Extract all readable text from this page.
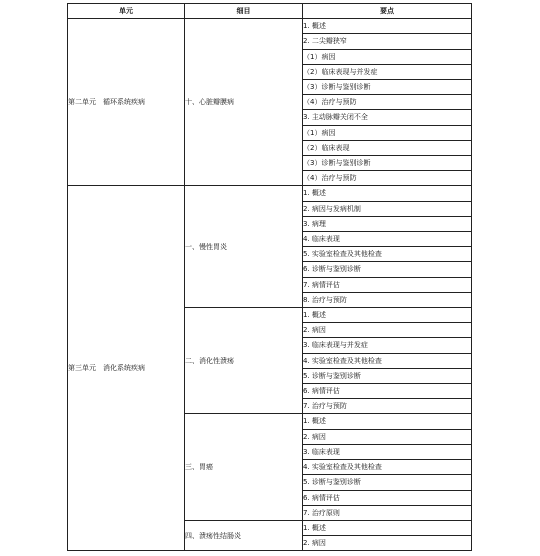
单元	细目	要点
第二单元　循环系统疾病	十、心脏瓣膜病	1. 概述
		2. 二尖瓣狭窄
		（1）病因
		（2）临床表现与并发症
		（3）诊断与鉴别诊断
		（4）治疗与预防
		3. 主动脉瓣关闭不全
		（1）病因
		（2）临床表现
		（3）诊断与鉴别诊断
		（4）治疗与预防
第三单元　消化系统疾病	一、慢性胃炎	1. 概述
		2. 病因与发病机制
		3. 病理
		4. 临床表现
		5. 实验室检查及其他检查
		6. 诊断与鉴别诊断
		7. 病情评估
		8. 治疗与预防
	二、消化性溃疡	1. 概述
		2. 病因
		3. 临床表现与并发症
		4. 实验室检查及其他检查
		5. 诊断与鉴别诊断
		6. 病情评估
		7. 治疗与预防
	三、胃癌	1. 概述
		2. 病因
		3. 临床表现
		4. 实验室检查及其他检查
		5. 诊断与鉴别诊断
		6. 病情评估
		7. 治疗原则
	四、溃疡性结肠炎	1. 概述
		2. 病因
